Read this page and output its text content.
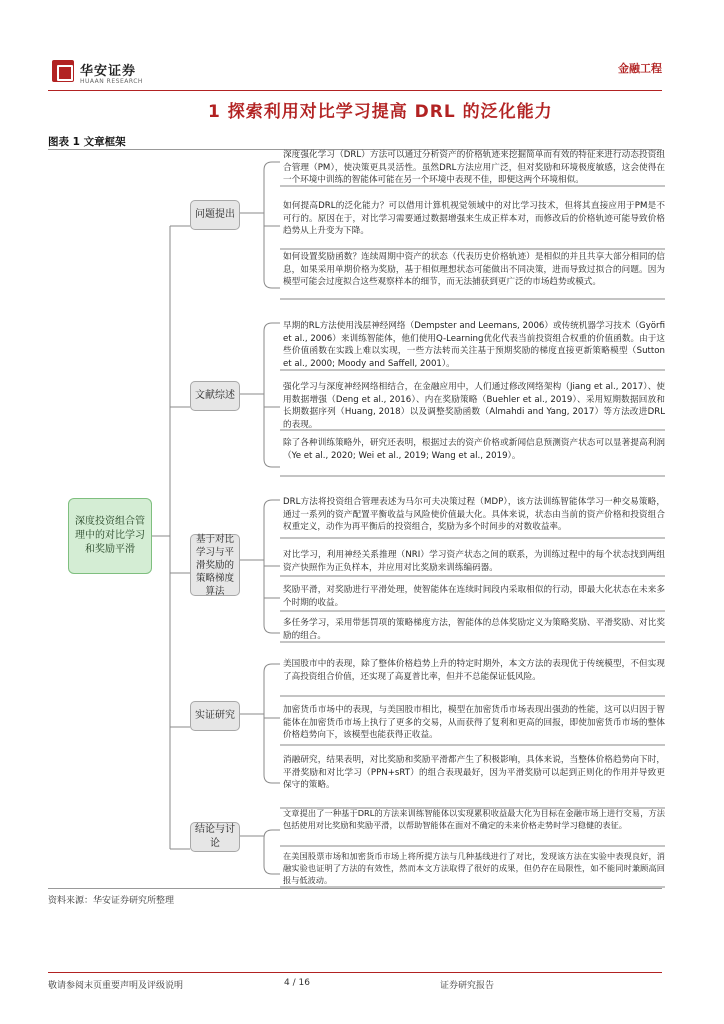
华安证券
HUAAN RESEARCH
金融工程
1 探索利用对比学习提高 DRL 的泛化能力
图表 1 文章框架
深度投资组合管理中的对比学习和奖励平滑
问题提出
文献综述
基于对比学习与平滑奖励的策略梯度算法
实证研究
结论与讨论
深度强化学习（DRL）方法可以通过分析资产的价格轨迹来挖掘简单而有效的特征来进行动态投资组合管理（PM），使决策更具灵活性。虽然DRL方法应用广泛，但对奖励和环境极度敏感，这会使得在一个环境中训练的智能体可能在另一个环境中表现不佳，即便这两个环境相似。
如何提高DRL的泛化能力？可以借用计算机视觉领域中的对比学习技术，但将其直接应用于PM是不可行的。原因在于，对比学习需要通过数据增强来生成正样本对，而修改后的价格轨迹可能导致价格趋势从上升变为下降。
如何设置奖励函数？连续周期中资产的状态（代表历史价格轨迹）是相似的并且共享大部分相同的信息，如果采用单期价格为奖励，基于相似理想状态可能做出不同决策，进而导致过拟合的问题。因为模型可能会过度拟合这些观察样本的细节，而无法捕获到更广泛的市场趋势或模式。
早期的RL方法使用浅层神经网络（Dempster and Leemans, 2006）或传统机器学习技术（Györfi et al., 2006）来训练智能体，他们使用Q-Learning优化代表当前投资组合权重的价值函数。由于这些价值函数在实践上难以实现，一些方法转而关注基于预期奖励的梯度直接更新策略模型（Sutton et al., 2000; Moody and Saffell, 2001）。
强化学习与深度神经网络相结合，在金融应用中，人们通过修改网络架构（Jiang et al., 2017）、使用数据增强（Deng et al., 2016）、内在奖励策略（Buehler et al., 2019）、采用短期数据回放和长期数据序列（Huang, 2018）以及调整奖励函数（Almahdi and Yang, 2017）等方法改进DRL的表现。
除了各种训练策略外，研究还表明，根据过去的资产价格或新闻信息预测资产状态可以显著提高利润（Ye et al., 2020; Wei et al., 2019; Wang et al., 2019）。
DRL方法将投资组合管理表述为马尔可夫决策过程（MDP），该方法训练智能体学习一种交易策略，通过一系列的资产配置平衡收益与风险使价值最大化。具体来说，状态由当前的资产价格和投资组合权重定义，动作为再平衡后的投资组合，奖励为多个时间步的对数收益率。
对比学习，利用神经关系推理（NRI）学习资产状态之间的联系，为训练过程中的每个状态找到两组资产快照作为正负样本，并应用对比奖励来训练编码器。
奖励平滑，对奖励进行平滑处理，使智能体在连续时间段内采取相似的行动，即最大化状态在未来多个时期的收益。
多任务学习，采用带惩罚项的策略梯度方法，智能体的总体奖励定义为策略奖励、平滑奖励、对比奖励的组合。
美国股市中的表现，除了整体价格趋势上升的特定时期外，本文方法的表现优于传统模型，不但实现了高投资组合价值，还实现了高夏普比率，但并不总能保证低风险。
加密货币市场中的表现，与美国股市相比，模型在加密货币市场表现出强劲的性能，这可以归因于智能体在加密货币市场上执行了更多的交易，从而获得了复利和更高的回报，即使加密货币市场的整体价格趋势向下，该模型也能获得正收益。
消融研究，结果表明，对比奖励和奖励平滑都产生了积极影响，具体来说，当整体价格趋势向下时，平滑奖励和对比学习（PPN+sRT）的组合表现最好，因为平滑奖励可以起到正则化的作用并导致更保守的策略。
文章提出了一种基于DRL的方法来训练智能体以实现累积收益最大化为目标在金融市场上进行交易，方法包括使用对比奖励和奖励平滑，以帮助智能体在面对不确定的未来价格走势时学习稳健的表征。
在美国股票市场和加密货币市场上将所提方法与几种基线进行了对比，发现该方法在实验中表现良好，消融实验也证明了方法的有效性，然而本文方法取得了很好的成果，但仍存在局限性，如不能同时兼顾高回报与低波动。
资料来源：华安证券研究所整理
敬请参阅末页重要声明及评级说明	4 / 16	证券研究报告
